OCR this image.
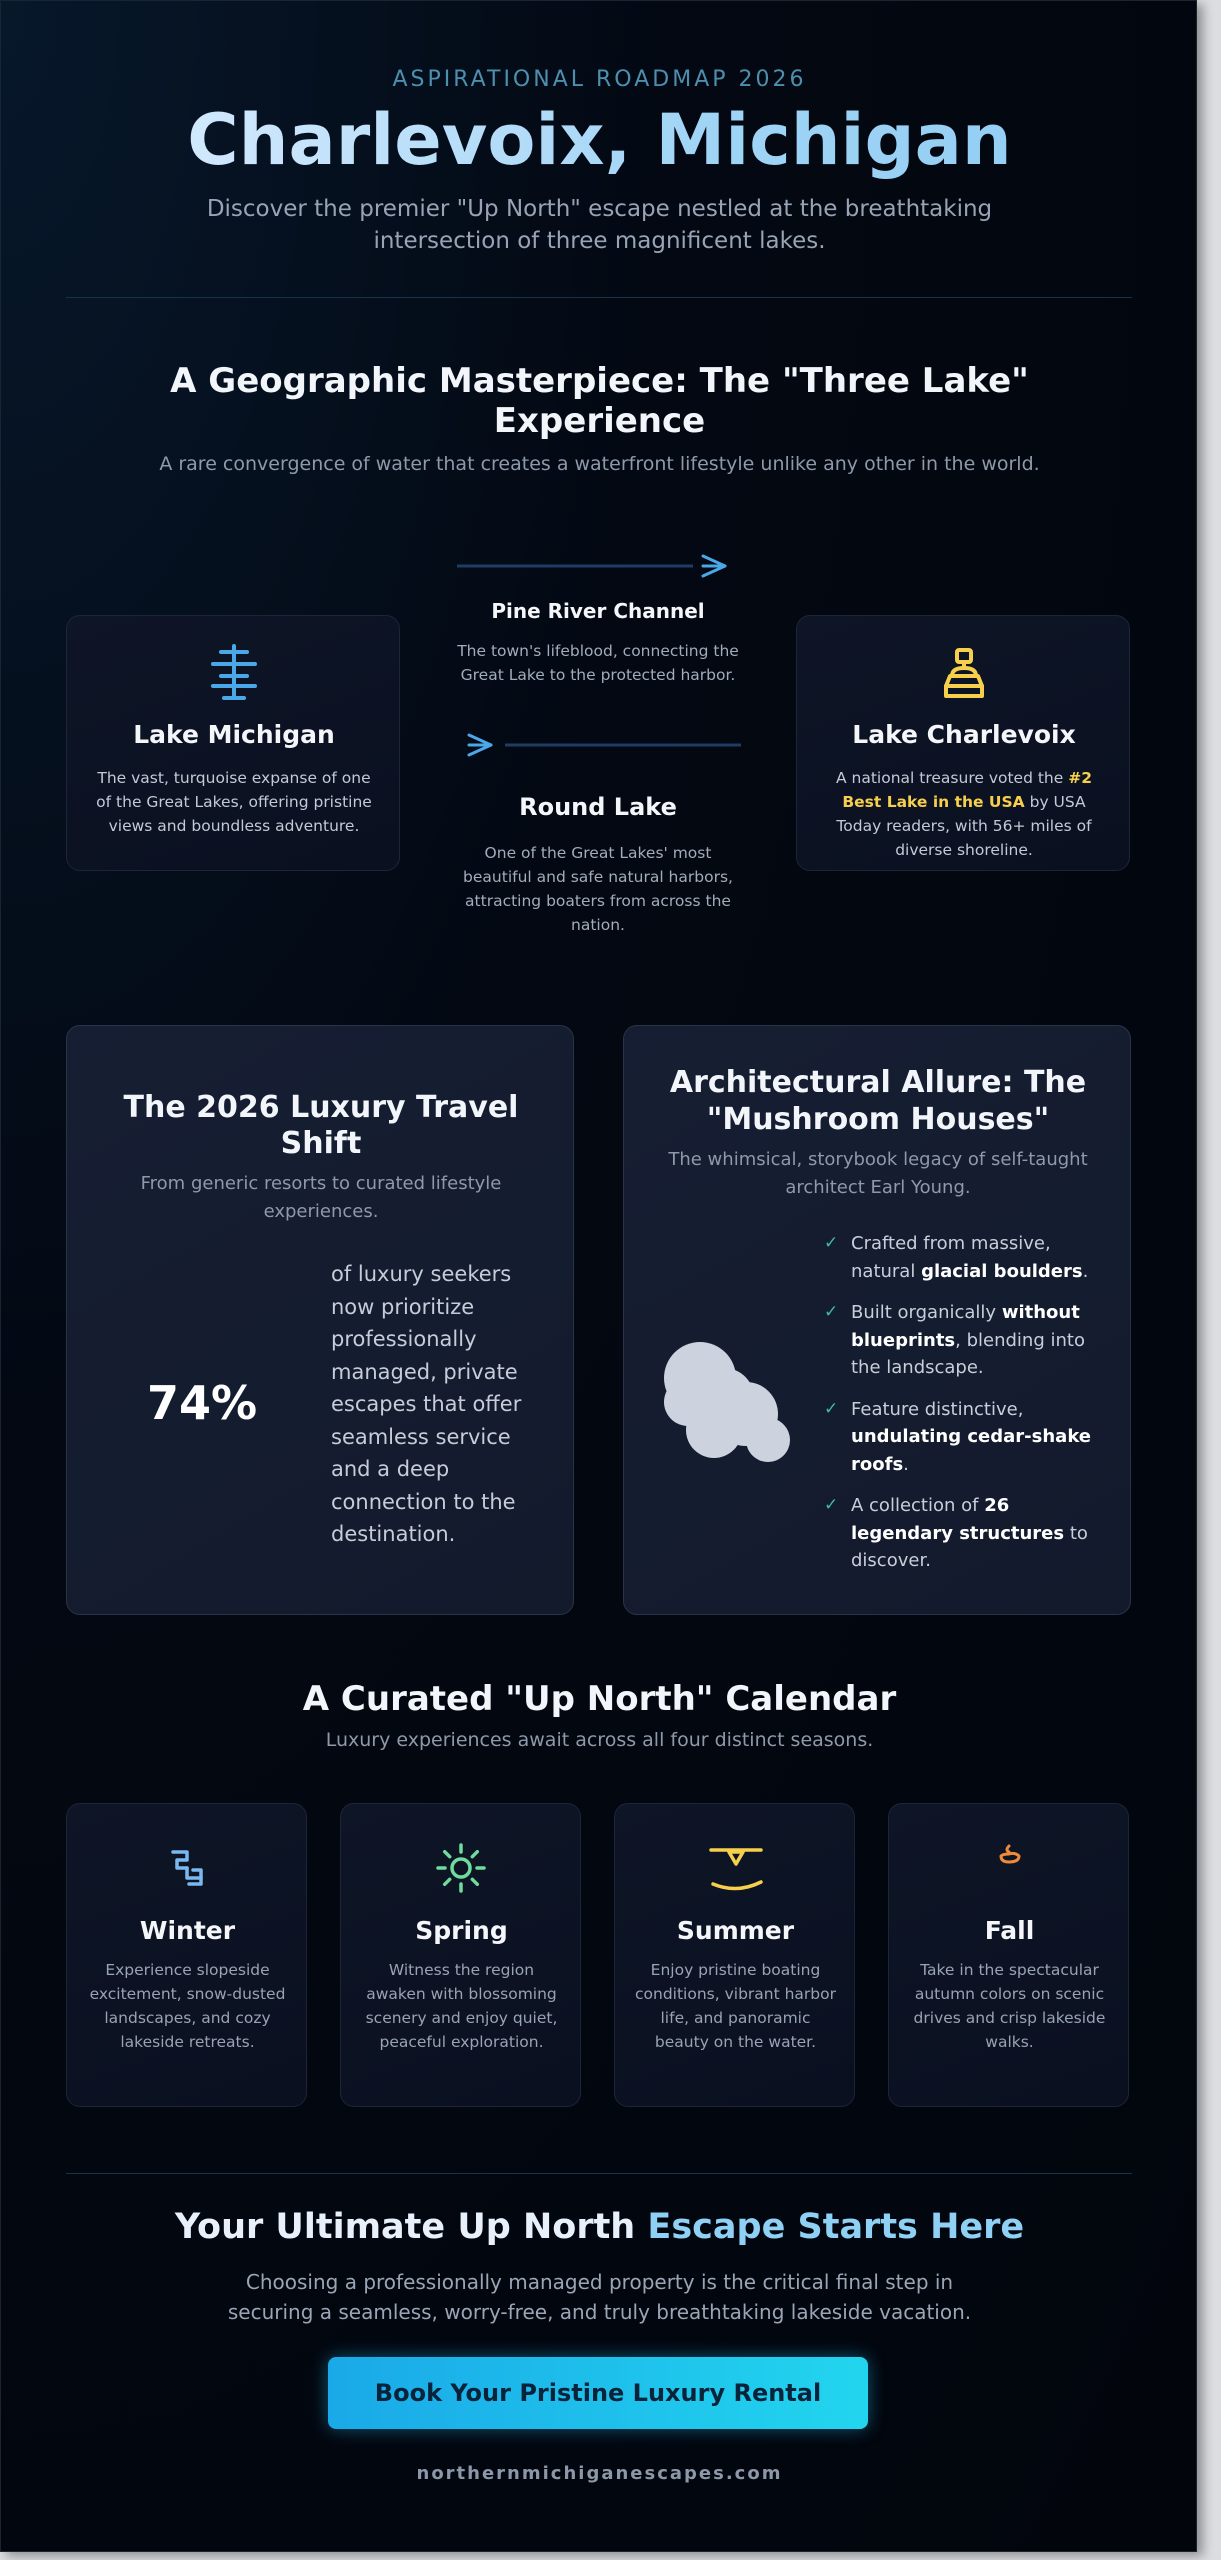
ASPIRATIONAL ROADMAP 2026
Charlevoix, Michigan
Discover the premier "Up North" escape nestled at the breathtaking intersection of three magnificent lakes.
A Geographic Masterpiece: The "Three Lake" Experience
A rare convergence of water that creates a waterfront lifestyle unlike any other in the world.
Lake Michigan
The vast, turquoise expanse of one of the Great Lakes, offering pristine views and boundless adventure.
Pine River Channel
The town's lifeblood, connecting the Great Lake to the protected harbor.
Round Lake
One of the Great Lakes' most beautiful and safe natural harbors, attracting boaters from across the nation.
Lake Charlevoix
A national treasure voted the #2 Best Lake in the USA by USA Today readers, with 56+ miles of diverse shoreline.
The 2026 Luxury Travel Shift
From generic resorts to curated lifestyle experiences.
74%
of luxury seekers now prioritize professionally managed, private escapes that offer seamless service and a deep connection to the destination.
Architectural Allure: The "Mushroom Houses"
The whimsical, storybook legacy of self-taught architect Earl Young.
✓ Crafted from massive, natural glacial boulders.
✓ Built organically without blueprints, blending into the landscape.
✓ Feature distinctive, undulating cedar-shake roofs.
✓ A collection of 26 legendary structures to discover.
A Curated "Up North" Calendar
Luxury experiences await across all four distinct seasons.
Winter
Experience slopeside excitement, snow-dusted landscapes, and cozy lakeside retreats.
Spring
Witness the region awaken with blossoming scenery and enjoy quiet, peaceful exploration.
Summer
Enjoy pristine boating conditions, vibrant harbor life, and panoramic beauty on the water.
Fall
Take in the spectacular autumn colors on scenic drives and crisp lakeside walks.
Your Ultimate Up North Escape Starts Here
Choosing a professionally managed property is the critical final step in securing a seamless, worry-free, and truly breathtaking lakeside vacation.
Book Your Pristine Luxury Rental
northernmichiganescapes.com
